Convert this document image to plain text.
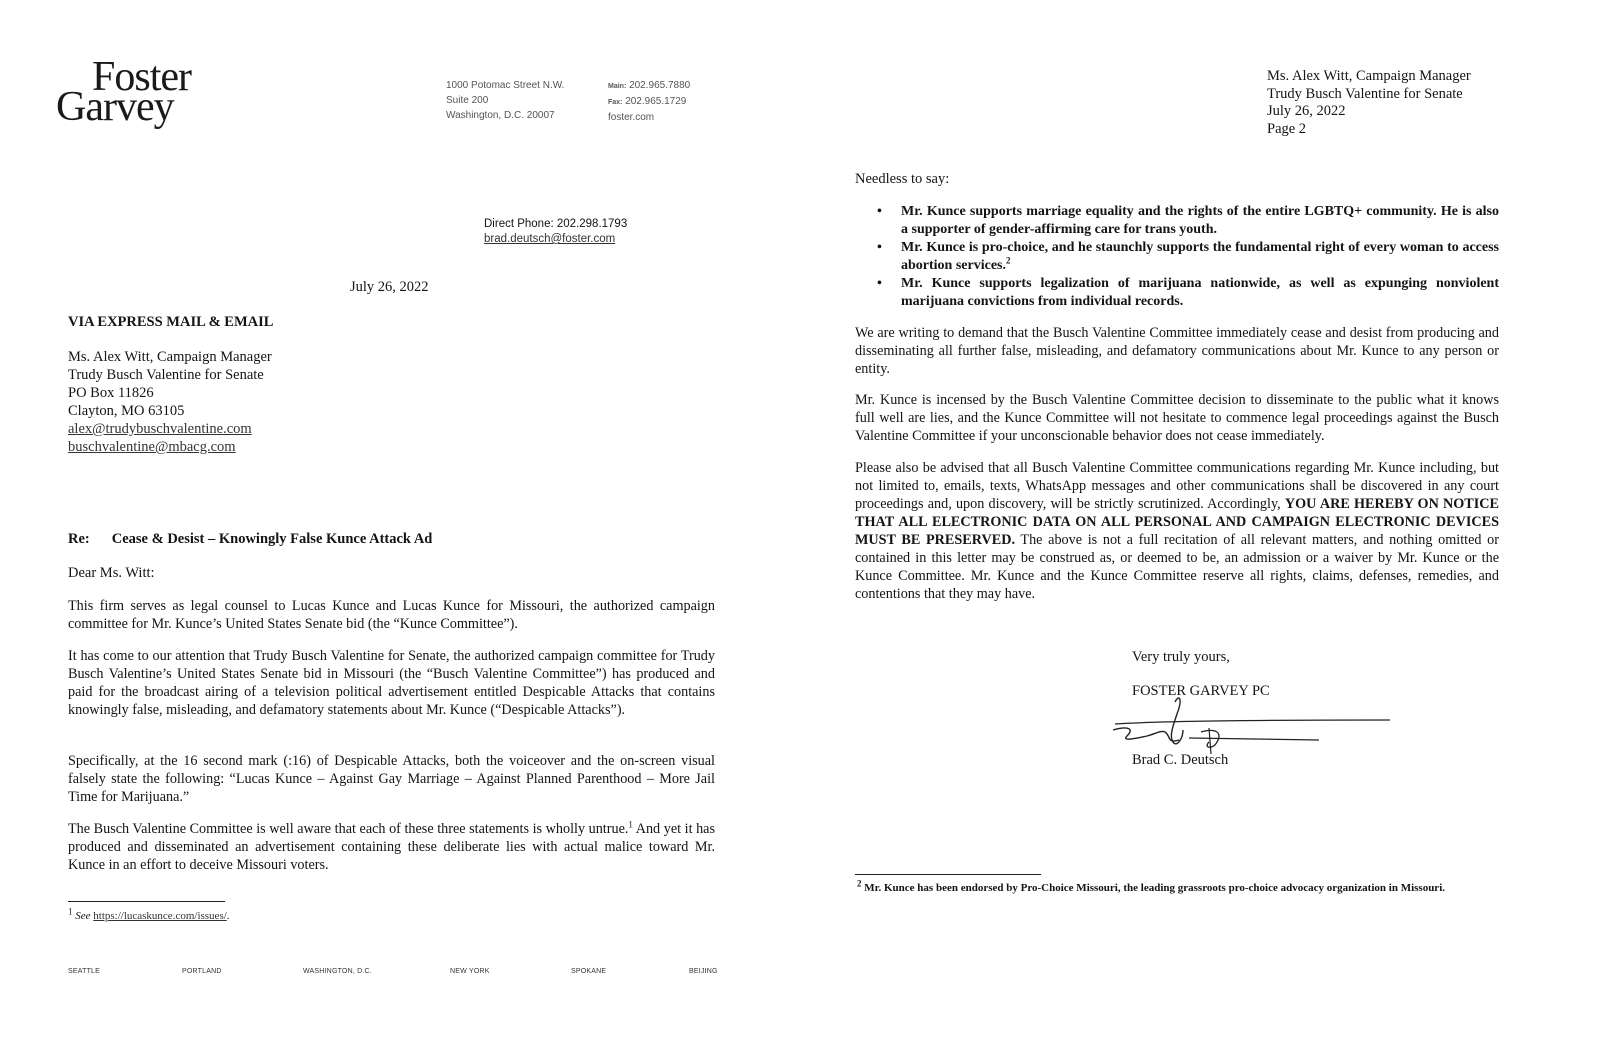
Foster
Garvey	1000 Potomac Street N.W.
Suite 200
Washington, D.C. 20007
Main: 202.965.7880
Fax: 202.965.1729
foster.com
Direct Phone: 202.298.1793
brad.deutsch@foster.com
July 26, 2022
VIA EXPRESS MAIL & EMAIL
Ms. Alex Witt, Campaign Manager
Trudy Busch Valentine for Senate
PO Box 11826
Clayton, MO 63105
alex@trudybuschvalentine.com
buschvalentine@mbacg.com
Re: Cease & Desist – Knowingly False Kunce Attack Ad
Dear Ms. Witt:
This firm serves as legal counsel to Lucas Kunce and Lucas Kunce for Missouri, the authorized campaign committee for Mr. Kunce’s United States Senate bid (the “Kunce Committee”).
It has come to our attention that Trudy Busch Valentine for Senate, the authorized campaign committee for Trudy Busch Valentine’s United States Senate bid in Missouri (the “Busch Valentine Committee”) has produced and paid for the broadcast airing of a television political advertisement entitled Despicable Attacks that contains knowingly false, misleading, and defamatory statements about Mr. Kunce (“Despicable Attacks”).
Specifically, at the 16 second mark (:16) of Despicable Attacks, both the voiceover and the on-screen visual falsely state the following: “Lucas Kunce – Against Gay Marriage – Against Planned Parenthood – More Jail Time for Marijuana.”
The Busch Valentine Committee is well aware that each of these three statements is wholly untrue.$^1$ And yet it has produced and disseminated an advertisement containing these deliberate lies with actual malice toward Mr. Kunce in an effort to deceive Missouri voters.
$^1$ See https://lucaskunce.com/issues/.
SEATTLE	PORTLAND	WASHINGTON, D.C.	NEW YORK	SPOKANE	BEIJING
Ms. Alex Witt, Campaign Manager
Trudy Busch Valentine for Senate
July 26, 2022
Page 2
Needless to say:
• Mr. Kunce supports marriage equality and the rights of the entire LGBTQ+ community. He is also a supporter of gender-affirming care for trans youth.
• Mr. Kunce is pro-choice, and he staunchly supports the fundamental right of every woman to access abortion services.$^2$
• Mr. Kunce supports legalization of marijuana nationwide, as well as expunging nonviolent marijuana convictions from individual records.
We are writing to demand that the Busch Valentine Committee immediately cease and desist from producing and disseminating all further false, misleading, and defamatory communications about Mr. Kunce to any person or entity.
Mr. Kunce is incensed by the Busch Valentine Committee decision to disseminate to the public what it knows full well are lies, and the Kunce Committee will not hesitate to commence legal proceedings against the Busch Valentine Committee if your unconscionable behavior does not cease immediately.
Please also be advised that all Busch Valentine Committee communications regarding Mr. Kunce including, but not limited to, emails, texts, WhatsApp messages and other communications shall be discovered in any court proceedings and, upon discovery, will be strictly scrutinized. Accordingly, YOU ARE HEREBY ON NOTICE THAT ALL ELECTRONIC DATA ON ALL PERSONAL AND CAMPAIGN ELECTRONIC DEVICES MUST BE PRESERVED. The above is not a full recitation of all relevant matters, and nothing omitted or contained in this letter may be construed as, or deemed to be, an admission or a waiver by Mr. Kunce or the Kunce Committee. Mr. Kunce and the Kunce Committee reserve all rights, claims, defenses, remedies, and contentions that they may have.
Very truly yours,
FOSTER GARVEY PC
Brad C. Deutsch
$^2$ Mr. Kunce has been endorsed by Pro-Choice Missouri, the leading grassroots pro-choice advocacy organization in Missouri.
